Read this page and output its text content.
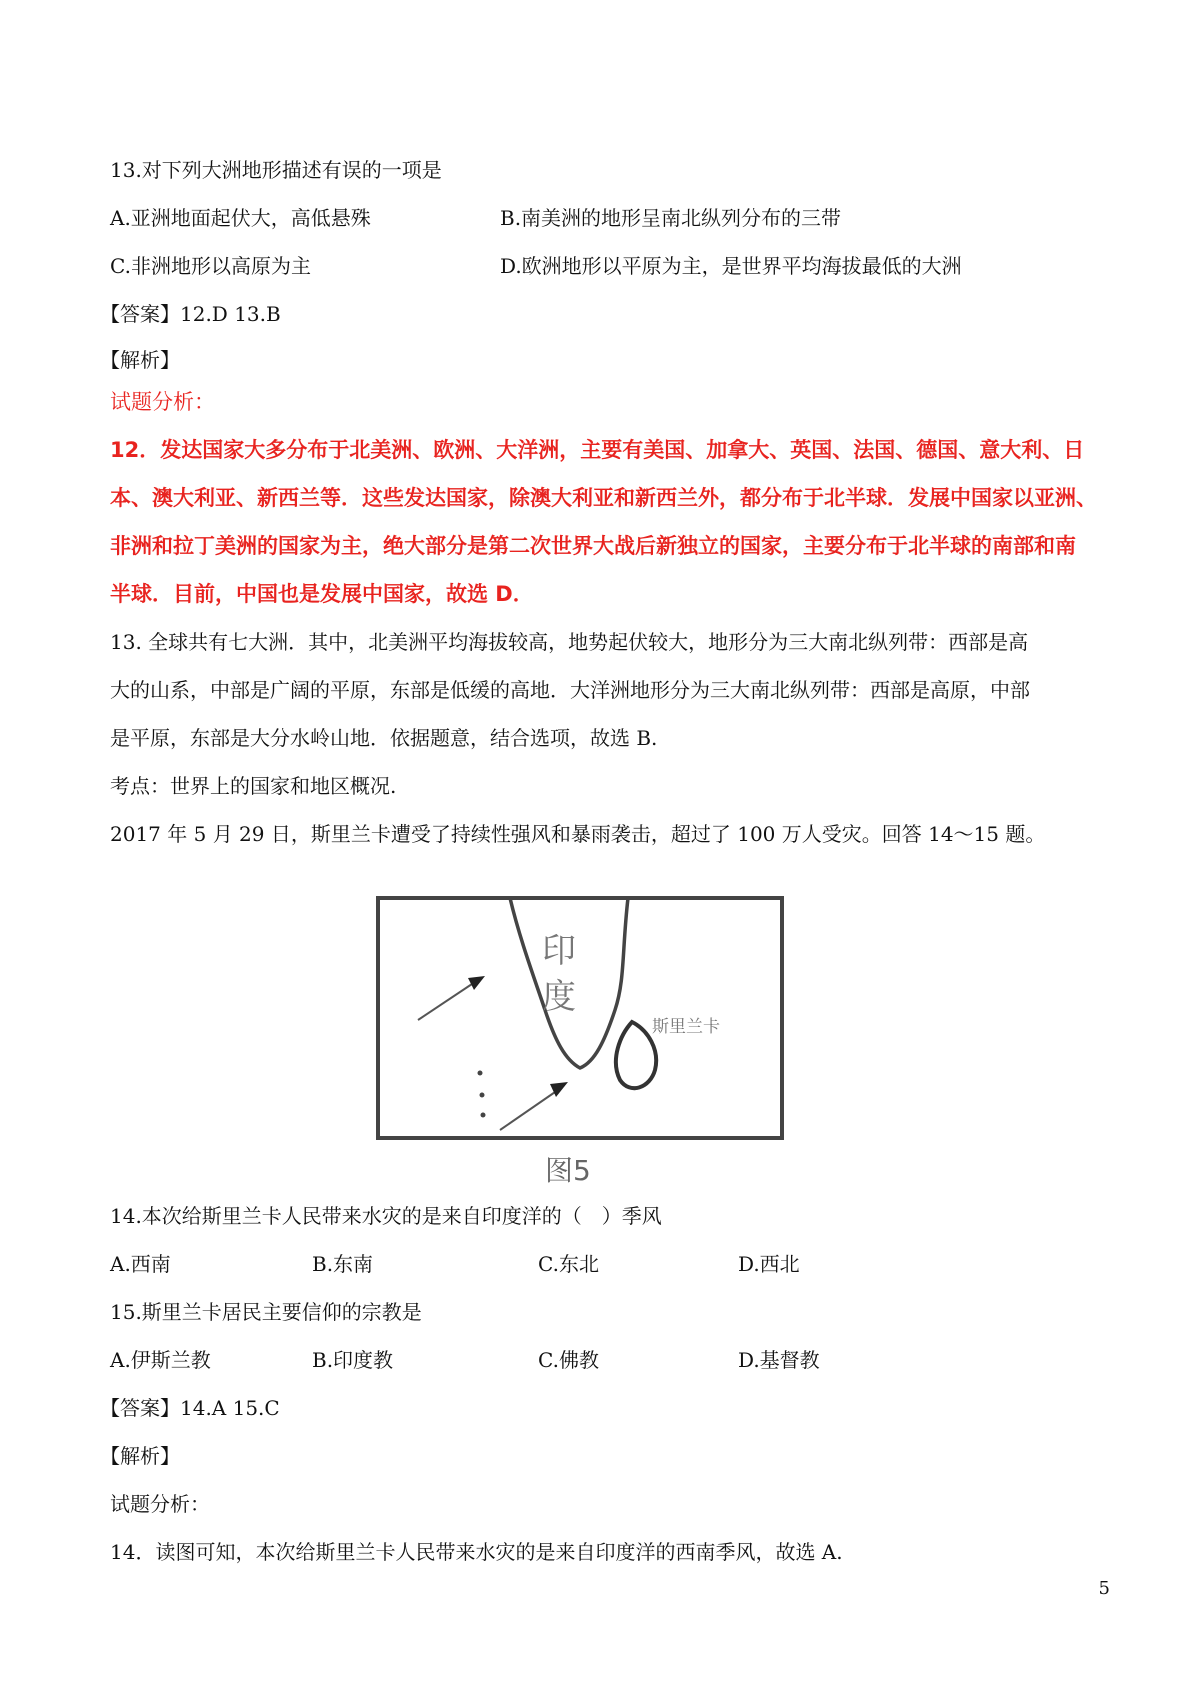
13.对下列大洲地形描述有误的一项是
A.亚洲地面起伏大，高低悬殊	B.南美洲的地形呈南北纵列分布的三带
C.非洲地形以高原为主	D.欧洲地形以平原为主，是世界平均海拔最低的大洲
【答案】12.D 13.B
【解析】
试题分析：
12．发达国家大多分布于北美洲、欧洲、大洋洲，主要有美国、加拿大、英国、法国、德国、意大利、日
本、澳大利亚、新西兰等．这些发达国家，除澳大利亚和新西兰外，都分布于北半球．发展中国家以亚洲、
非洲和拉丁美洲的国家为主，绝大部分是第二次世界大战后新独立的国家，主要分布于北半球的南部和南
半球．目前，中国也是发展中国家，故选 D．
13. 全球共有七大洲．其中，北美洲平均海拔较高，地势起伏较大，地形分为三大南北纵列带：西部是高
大的山系，中部是广阔的平原，东部是低缓的高地．大洋洲地形分为三大南北纵列带：西部是高原，中部
是平原，东部是大分水岭山地．依据题意，结合选项，故选 B.
考点：世界上的国家和地区概况.
2017 年 5 月 29 日，斯里兰卡遭受了持续性强风和暴雨袭击，超过了 100 万人受灾。回答 14～15 题。
印
度
斯里兰卡
图5
14.本次给斯里兰卡人民带来水灾的是来自印度洋的（　）季风
A.西南	B.东南	C.东北	D.西北
15.斯里兰卡居民主要信仰的宗教是
A.伊斯兰教	B.印度教	C.佛教	D.基督教
【答案】14.A 15.C
【解析】
试题分析：
14．读图可知，本次给斯里兰卡人民带来水灾的是来自印度洋的西南季风，故选 A.
5
